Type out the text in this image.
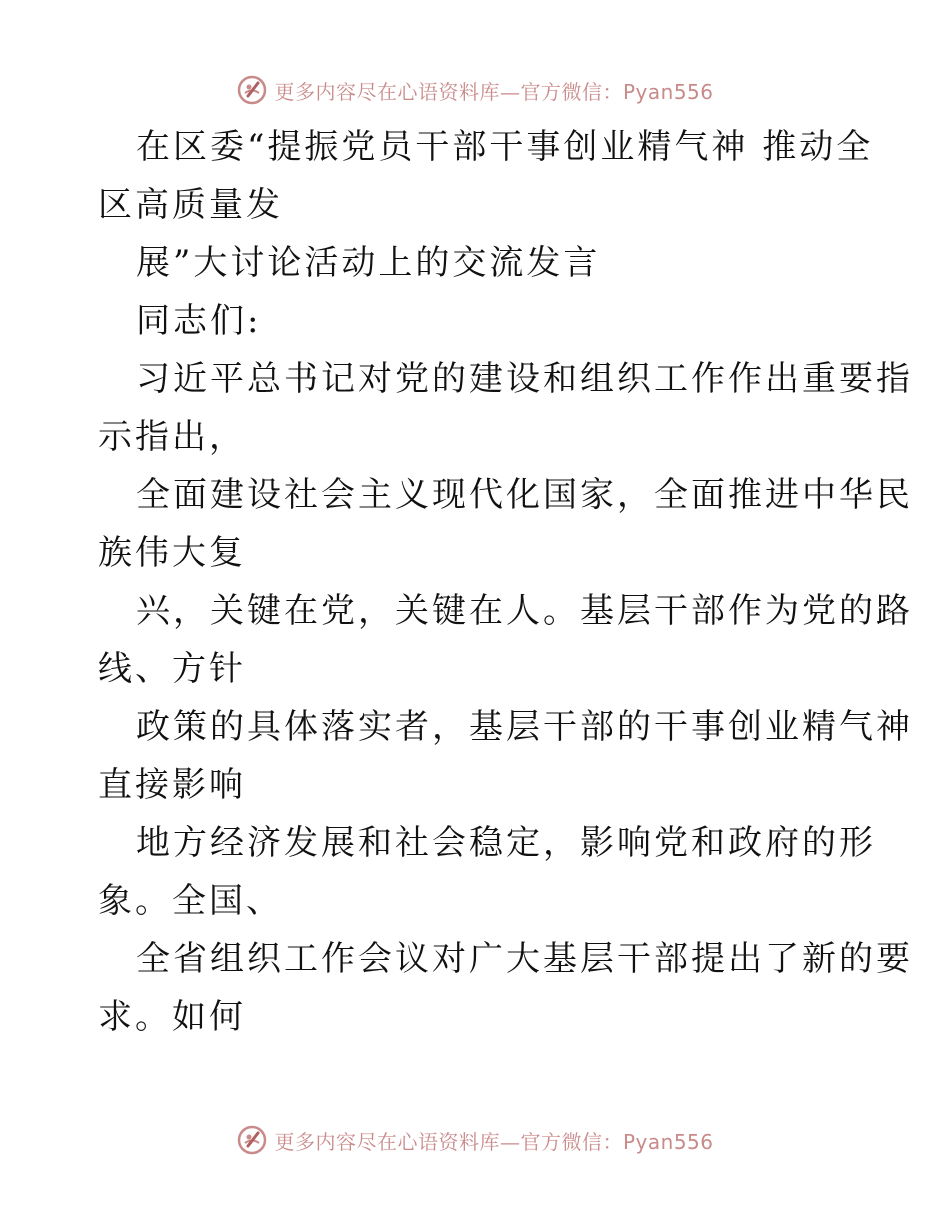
更多内容尽在心语资料库—官方微信：Pyan556
在区委“提振党员干部干事创业精气神 推动全
区高质量发
展”大讨论活动上的交流发言
同志们:
习近平总书记对党的建设和组织工作作出重要指
示指出，
全面建设社会主义现代化国家，全面推进中华民
族伟大复
兴，关键在党，关键在人。基层干部作为党的路
线、方针
政策的具体落实者，基层干部的干事创业精气神
直接影响
地方经济发展和社会稳定，影响党和政府的形
象。全国、
全省组织工作会议对广大基层干部提出了新的要
求。如何
更多内容尽在心语资料库—官方微信：Pyan556
